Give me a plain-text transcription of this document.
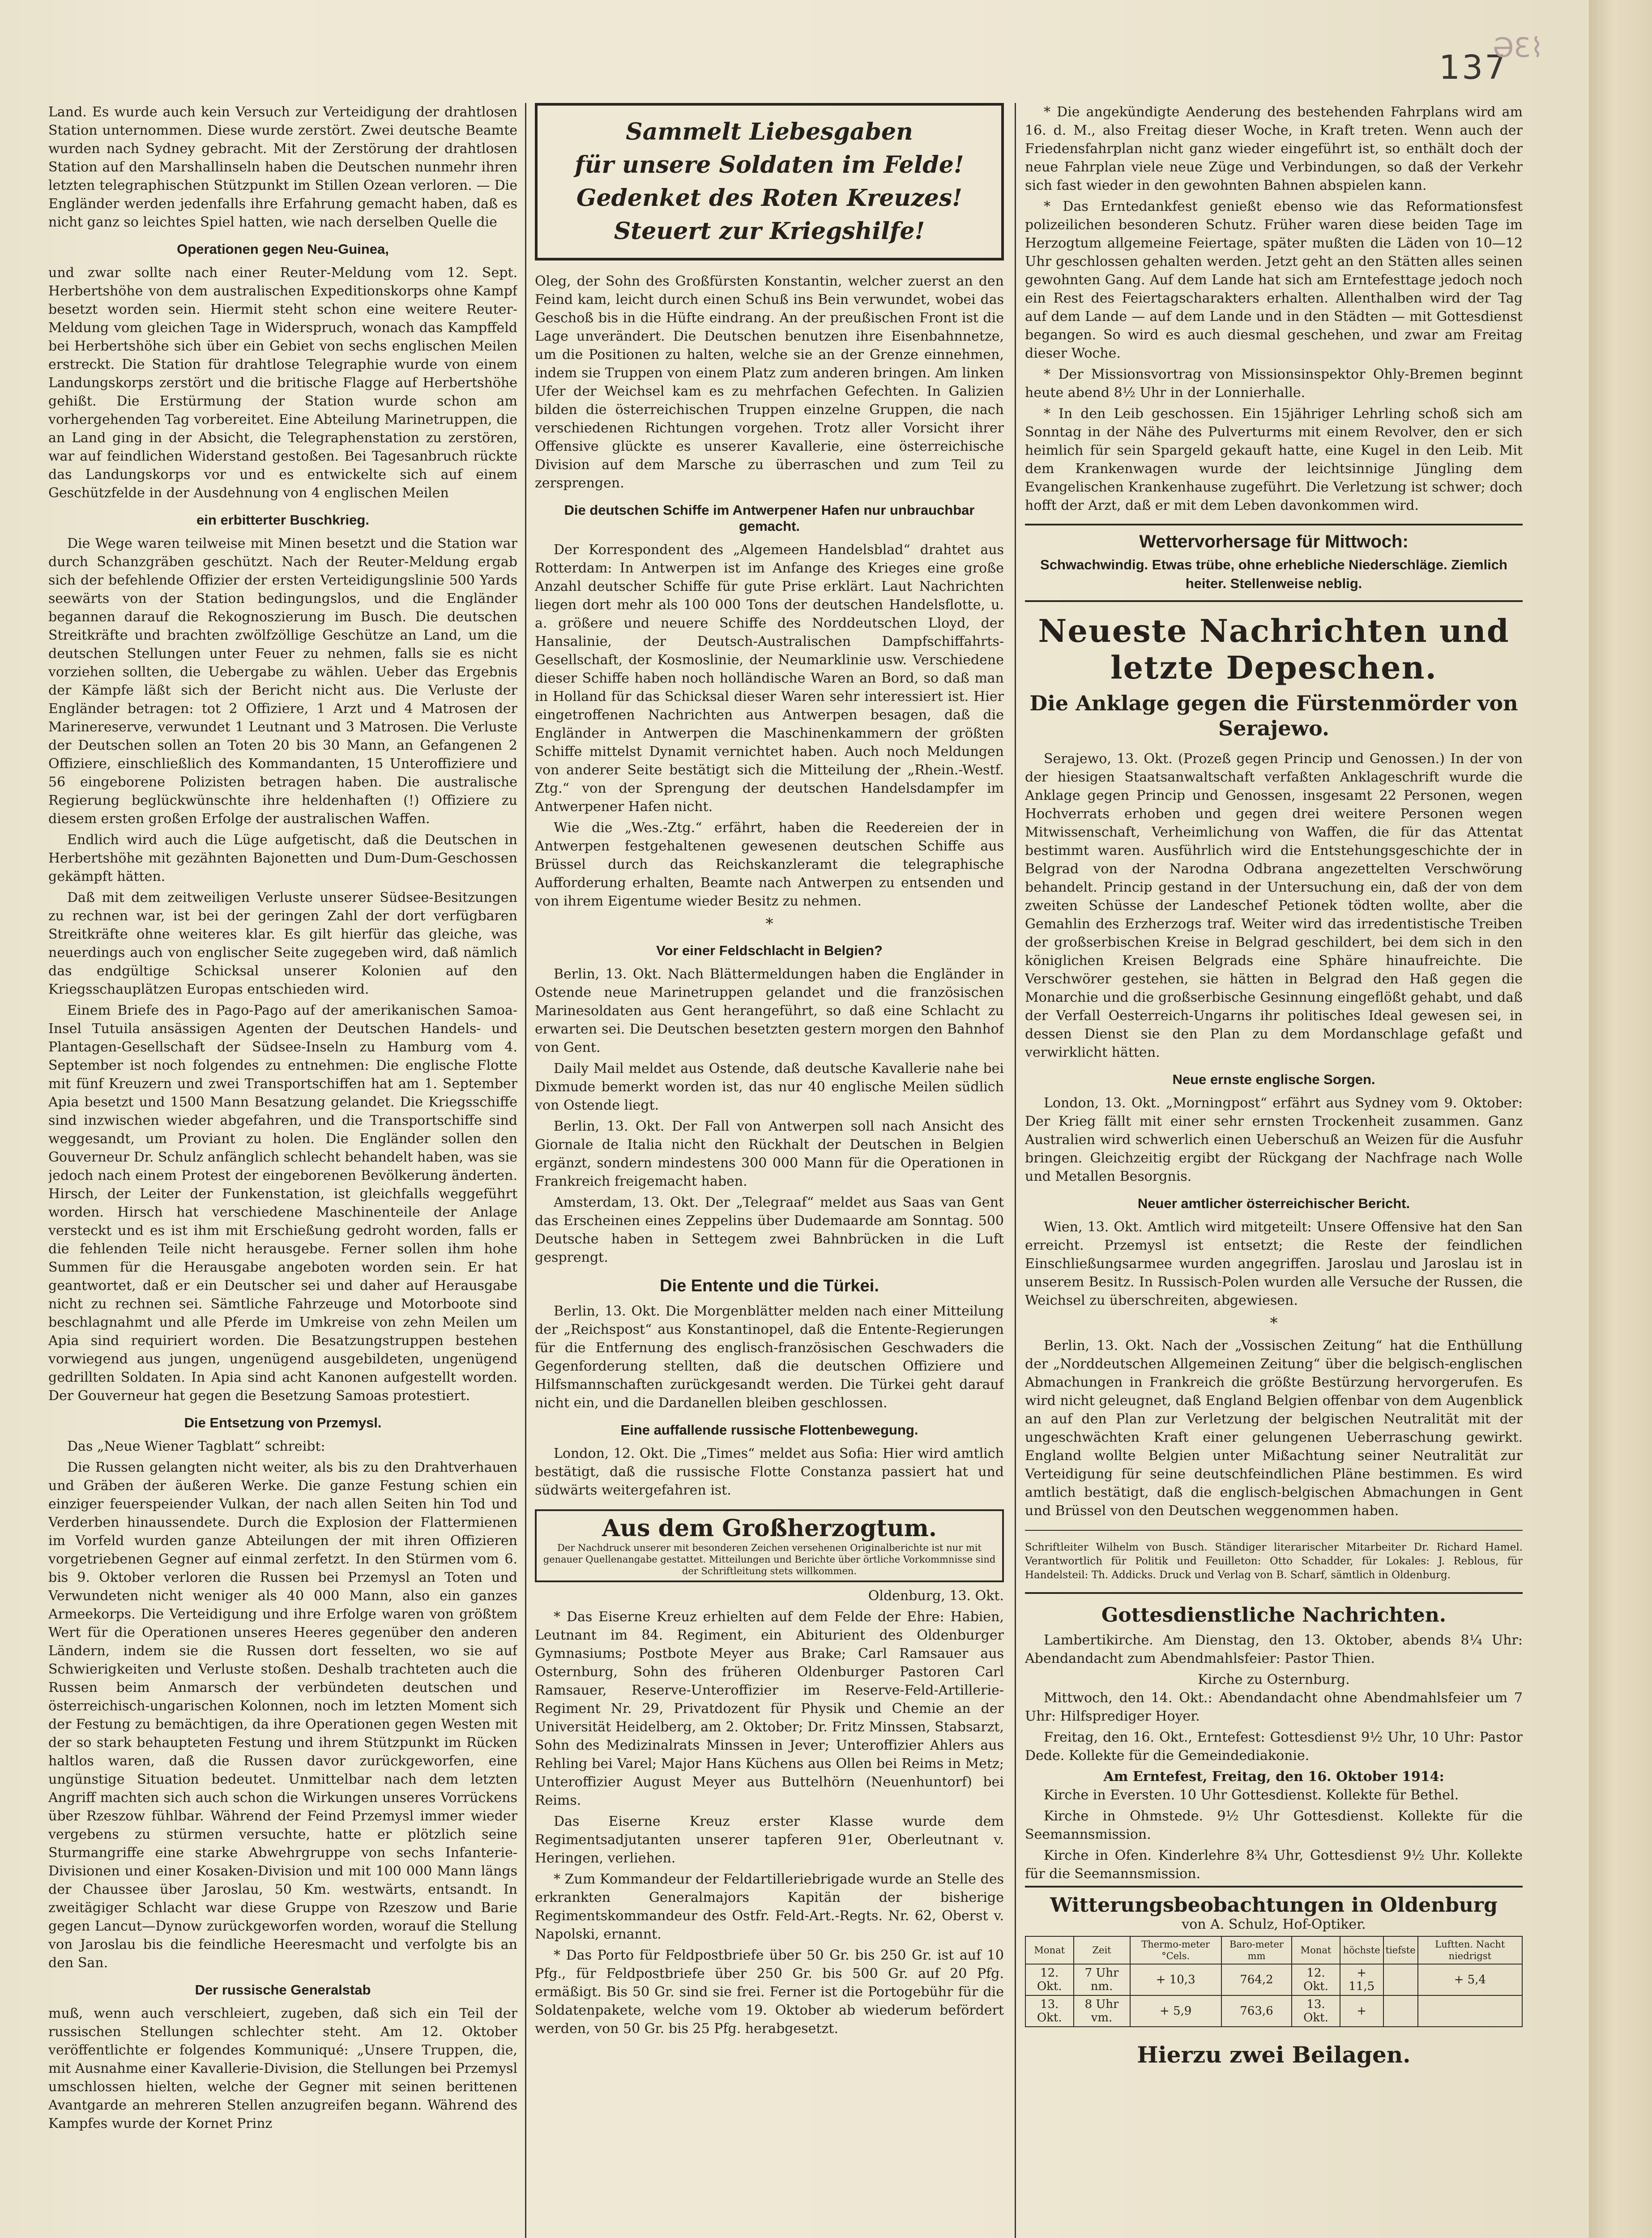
137
ƏƐ⌇

Land. Es wurde auch kein Versuch zur Verteidigung der drahtlosen Station unternommen. Diese wurde zerstört. Zwei deutsche Beamte wurden nach Sydney gebracht. Mit der Zerstörung der drahtlosen Station auf den Marshallinseln haben die Deutschen nunmehr ihren letzten telegraphischen Stützpunkt im Stillen Ozean verloren. — Die Engländer werden jedenfalls ihre Erfahrung gemacht haben, daß es nicht ganz so leichtes Spiel hatten, wie nach derselben Quelle die

Operationen gegen Neu-Guinea,

und zwar sollte nach einer Reuter-Meldung vom 12. Sept. Herbertshöhe von dem australischen Expeditionskorps ohne Kampf besetzt worden sein. Hiermit steht schon eine weitere Reuter-Meldung vom gleichen Tage in Widerspruch, wonach das Kampffeld bei Herbertshöhe sich über ein Gebiet von sechs englischen Meilen erstreckt. Die Station für drahtlose Telegraphie wurde von einem Landungskorps zerstört und die britische Flagge auf Herbertshöhe gehißt. Die Erstürmung der Station wurde schon am vorhergehenden Tag vorbereitet. Eine Abteilung Marinetruppen, die an Land ging in der Absicht, die Telegraphenstation zu zerstören, war auf feindlichen Widerstand gestoßen. Bei Tagesanbruch rückte das Landungskorps vor und es entwickelte sich auf einem Geschützfelde in der Ausdehnung von 4 englischen Meilen

ein erbitterter Buschkrieg.

Die Wege waren teilweise mit Minen besetzt und die Station war durch Schanzgräben geschützt. Nach der Reuter-Meldung ergab sich der befehlende Offizier der ersten Verteidigungslinie 500 Yards seewärts von der Station bedingungslos, und die Engländer begannen darauf die Rekognoszierung im Busch. Die deutschen Streitkräfte und brachten zwölfzöllige Geschütze an Land, um die deutschen Stellungen unter Feuer zu nehmen, falls sie es nicht vorziehen sollten, die Uebergabe zu wählen. Ueber das Ergebnis der Kämpfe läßt sich der Bericht nicht aus. Die Verluste der Engländer betragen: tot 2 Offiziere, 1 Arzt und 4 Matrosen der Marinereserve, verwundet 1 Leutnant und 3 Matrosen. Die Verluste der Deutschen sollen an Toten 20 bis 30 Mann, an Gefangenen 2 Offiziere, einschließlich des Kommandanten, 15 Unteroffiziere und 56 eingeborene Polizisten betragen haben. Die australische Regierung beglückwünschte ihre heldenhaften (!) Offiziere zu diesem ersten großen Erfolge der australischen Waffen.

Endlich wird auch die Lüge aufgetischt, daß die Deutschen in Herbertshöhe mit gezähnten Bajonetten und Dum-Dum-Geschossen gekämpft hätten.

Daß mit dem zeitweiligen Verluste unserer Südsee-Besitzungen zu rechnen war, ist bei der geringen Zahl der dort verfügbaren Streitkräfte ohne weiteres klar. Es gilt hierfür das gleiche, was neuerdings auch von englischer Seite zugegeben wird, daß nämlich das endgültige Schicksal unserer Kolonien auf den Kriegsschauplätzen Europas entschieden wird.

Einem Briefe des in Pago-Pago auf der amerikanischen Samoa-Insel Tutuila ansässigen Agenten der Deutschen Handels- und Plantagen-Gesellschaft der Südsee-Inseln zu Hamburg vom 4. September ist noch folgendes zu entnehmen: Die englische Flotte mit fünf Kreuzern und zwei Transportschiffen hat am 1. September Apia besetzt und 1500 Mann Besatzung gelandet. Die Kriegsschiffe sind inzwischen wieder abgefahren, und die Transportschiffe sind weggesandt, um Proviant zu holen. Die Engländer sollen den Gouverneur Dr. Schulz anfänglich schlecht behandelt haben, was sie jedoch nach einem Protest der eingeborenen Bevölkerung änderten. Hirsch, der Leiter der Funkenstation, ist gleichfalls weggeführt worden. Hirsch hat verschiedene Maschinenteile der Anlage versteckt und es ist ihm mit Erschießung gedroht worden, falls er die fehlenden Teile nicht herausgebe. Ferner sollen ihm hohe Summen für die Herausgabe angeboten worden sein. Er hat geantwortet, daß er ein Deutscher sei und daher auf Herausgabe nicht zu rechnen sei. Sämtliche Fahrzeuge und Motorboote sind beschlagnahmt und alle Pferde im Umkreise von zehn Meilen um Apia sind requiriert worden. Die Besatzungstruppen bestehen vorwiegend aus jungen, ungenügend ausgebildeten, ungenügend gedrillten Soldaten. In Apia sind acht Kanonen aufgestellt worden. Der Gouverneur hat gegen die Besetzung Samoas protestiert.

Die Entsetzung von Przemysl.

Das „Neue Wiener Tagblatt“ schreibt:

Die Russen gelangten nicht weiter, als bis zu den Drahtverhauen und Gräben der äußeren Werke. Die ganze Festung schien ein einziger feuerspeiender Vulkan, der nach allen Seiten hin Tod und Verderben hinaussendete. Durch die Explosion der Flattermienen im Vorfeld wurden ganze Abteilungen der mit ihren Offizieren vorgetriebenen Gegner auf einmal zerfetzt. In den Stürmen vom 6. bis 9. Oktober verloren die Russen bei Przemysl an Toten und Verwundeten nicht weniger als 40 000 Mann, also ein ganzes Armeekorps. Die Verteidigung und ihre Erfolge waren von größtem Wert für die Operationen unseres Heeres gegenüber den anderen Ländern, indem sie die Russen dort fesselten, wo sie auf Schwierigkeiten und Verluste stoßen. Deshalb trachteten auch die Russen beim Anmarsch der verbündeten deutschen und österreichisch-ungarischen Kolonnen, noch im letzten Moment sich der Festung zu bemächtigen, da ihre Operationen gegen Westen mit der so stark behaupteten Festung und ihrem Stützpunkt im Rücken haltlos waren, daß die Russen davor zurückgeworfen, eine ungünstige Situation bedeutet. Unmittelbar nach dem letzten Angriff machten sich auch schon die Wirkungen unseres Vorrückens über Rzeszow fühlbar. Während der Feind Przemysl immer wieder vergebens zu stürmen versuchte, hatte er plötzlich seine Sturmangriffe eine starke Abwehrgruppe von sechs Infanterie-Divisionen und einer Kosaken-Division und mit 100 000 Mann längs der Chaussee über Jaroslau, 50 Km. westwärts, entsandt. In zweitägiger Schlacht war diese Gruppe von Rzeszow und Barie gegen Lancut—Dynow zurückgeworfen worden, worauf die Stellung von Jaroslau bis die feindliche Heeresmacht und verfolgte bis an den San.

Der russische Generalstab

muß, wenn auch verschleiert, zugeben, daß sich ein Teil der russischen Stellungen schlechter steht. Am 12. Oktober veröffentlichte er folgendes Kommuniqué: „Unsere Truppen, die, mit Ausnahme einer Kavallerie-Division, die Stellungen bei Przemysl umschlossen hielten, welche der Gegner mit seinen berittenen Avantgarde an mehreren Stellen anzugreifen begann. Während des Kampfes wurde der Kornet Prinz

Sammelt Liebesgaben
für unsere Soldaten im Felde!
Gedenket des Roten Kreuzes!
Steuert zur Kriegshilfe!

Oleg, der Sohn des Großfürsten Konstantin, welcher zuerst an den Feind kam, leicht durch einen Schuß ins Bein verwundet, wobei das Geschoß bis in die Hüfte eindrang. An der preußischen Front ist die Lage unverändert. Die Deutschen benutzen ihre Eisenbahnnetze, um die Positionen zu halten, welche sie an der Grenze einnehmen, indem sie Truppen von einem Platz zum anderen bringen. Am linken Ufer der Weichsel kam es zu mehrfachen Gefechten. In Galizien bilden die österreichischen Truppen einzelne Gruppen, die nach verschiedenen Richtungen vorgehen. Trotz aller Vorsicht ihrer Offensive glückte es unserer Kavallerie, eine österreichische Division auf dem Marsche zu überraschen und zum Teil zu zersprengen.

Die deutschen Schiffe im Antwerpener Hafen nur unbrauchbar gemacht.

Der Korrespondent des „Algemeen Handelsblad“ drahtet aus Rotterdam: In Antwerpen ist im Anfange des Krieges eine große Anzahl deutscher Schiffe für gute Prise erklärt. Laut Nachrichten liegen dort mehr als 100 000 Tons der deutschen Handelsflotte, u. a. größere und neuere Schiffe des Norddeutschen Lloyd, der Hansalinie, der Deutsch-Australischen Dampfschiffahrts-Gesellschaft, der Kosmoslinie, der Neumarklinie usw. Verschiedene dieser Schiffe haben noch holländische Waren an Bord, so daß man in Holland für das Schicksal dieser Waren sehr interessiert ist. Hier eingetroffenen Nachrichten aus Antwerpen besagen, daß die Engländer in Antwerpen die Maschinenkammern der größten Schiffe mittelst Dynamit vernichtet haben. Auch noch Meldungen von anderer Seite bestätigt sich die Mitteilung der „Rhein.-Westf. Ztg.“ von der Sprengung der deutschen Handelsdampfer im Antwerpener Hafen nicht.

Wie die „Wes.-Ztg.“ erfährt, haben die Reedereien der in Antwerpen festgehaltenen gewesenen deutschen Schiffe aus Brüssel durch das Reichskanzleramt die telegraphische Aufforderung erhalten, Beamte nach Antwerpen zu entsenden und von ihrem Eigentume wieder Besitz zu nehmen.

*
Vor einer Feldschlacht in Belgien?

Berlin, 13. Okt. Nach Blättermeldungen haben die Engländer in Ostende neue Marinetruppen gelandet und die französischen Marinesoldaten aus Gent herangeführt, so daß eine Schlacht zu erwarten sei. Die Deutschen besetzten gestern morgen den Bahnhof von Gent.

Daily Mail meldet aus Ostende, daß deutsche Kavallerie nahe bei Dixmude bemerkt worden ist, das nur 40 englische Meilen südlich von Ostende liegt.

Berlin, 13. Okt. Der Fall von Antwerpen soll nach Ansicht des Giornale de Italia nicht den Rückhalt der Deutschen in Belgien ergänzt, sondern mindestens 300 000 Mann für die Operationen in Frankreich freigemacht haben.

Amsterdam, 13. Okt. Der „Telegraaf“ meldet aus Saas van Gent das Erscheinen eines Zeppelins über Dudemaarde am Sonntag. 500 Deutsche haben in Settegem zwei Bahnbrücken in die Luft gesprengt.

Die Entente und die Türkei.

Berlin, 13. Okt. Die Morgenblätter melden nach einer Mitteilung der „Reichspost“ aus Konstantinopel, daß die Entente-Regierungen für die Entfernung des englisch-französischen Geschwaders die Gegenforderung stellten, daß die deutschen Offiziere und Hilfsmannschaften zurückgesandt werden. Die Türkei geht darauf nicht ein, und die Dardanellen bleiben geschlossen.

Eine auffallende russische Flottenbewegung.

London, 12. Okt. Die „Times“ meldet aus Sofia: Hier wird amtlich bestätigt, daß die russische Flotte Constanza passiert hat und südwärts weitergefahren ist.

Aus dem Großherzogtum.
Der Nachdruck unserer mit besonderen Zeichen versehenen Originalberichte ist nur mit genauer Quellenangabe gestattet. Mitteilungen und Berichte über örtliche Vorkommnisse sind der Schriftleitung stets willkommen.

Oldenburg, 13. Okt.

* Das Eiserne Kreuz erhielten auf dem Felde der Ehre: Habien, Leutnant im 84. Regiment, ein Abiturient des Oldenburger Gymnasiums; Postbote Meyer aus Brake; Carl Ramsauer aus Osternburg, Sohn des früheren Oldenburger Pastoren Carl Ramsauer, Reserve-Unteroffizier im Reserve-Feld-Artillerie-Regiment Nr. 29, Privatdozent für Physik und Chemie an der Universität Heidelberg, am 2. Oktober; Dr. Fritz Minssen, Stabsarzt, Sohn des Medizinalrats Minssen in Jever; Unteroffizier Ahlers aus Rehling bei Varel; Major Hans Küchens aus Ollen bei Reims in Metz; Unteroffizier August Meyer aus Buttelhörn (Neuenhuntorf) bei Reims.

Das Eiserne Kreuz erster Klasse wurde dem Regimentsadjutanten unserer tapferen 91er, Oberleutnant v. Heringen, verliehen.

* Zum Kommandeur der Feldartilleriebrigade wurde an Stelle des erkrankten Generalmajors Kapitän der bisherige Regimentskommandeur des Ostfr. Feld-Art.-Regts. Nr. 62, Oberst v. Napolski, ernannt.

* Das Porto für Feldpostbriefe über 50 Gr. bis 250 Gr. ist auf 10 Pfg., für Feldpostbriefe über 250 Gr. bis 500 Gr. auf 20 Pfg. ermäßigt. Bis 50 Gr. sind sie frei. Ferner ist die Portogebühr für die Soldatenpakete, welche vom 19. Oktober ab wiederum befördert werden, von 50 Gr. bis 25 Pfg. herabgesetzt.

* Die angekündigte Aenderung des bestehenden Fahrplans wird am 16. d. M., also Freitag dieser Woche, in Kraft treten. Wenn auch der Friedensfahrplan nicht ganz wieder eingeführt ist, so enthält doch der neue Fahrplan viele neue Züge und Verbindungen, so daß der Verkehr sich fast wieder in den gewohnten Bahnen abspielen kann.

* Das Erntedankfest genießt ebenso wie das Reformationsfest polizeilichen besonderen Schutz. Früher waren diese beiden Tage im Herzogtum allgemeine Feiertage, später mußten die Läden von 10—12 Uhr geschlossen gehalten werden. Jetzt geht an den Stätten alles seinen gewohnten Gang. Auf dem Lande hat sich am Erntefesttage jedoch noch ein Rest des Feiertagscharakters erhalten. Allenthalben wird der Tag auf dem Lande — auf dem Lande und in den Städten — mit Gottesdienst begangen. So wird es auch diesmal geschehen, und zwar am Freitag dieser Woche.

* Der Missionsvortrag von Missionsinspektor Ohly-Bremen beginnt heute abend 8½ Uhr in der Lonnierhalle.

* In den Leib geschossen. Ein 15jähriger Lehrling schoß sich am Sonntag in der Nähe des Pulverturms mit einem Revolver, den er sich heimlich für sein Spargeld gekauft hatte, eine Kugel in den Leib. Mit dem Krankenwagen wurde der leichtsinnige Jüngling dem Evangelischen Krankenhause zugeführt. Die Verletzung ist schwer; doch hofft der Arzt, daß er mit dem Leben davonkommen wird.

Wettervorhersage für Mittwoch:
Schwachwindig. Etwas trübe, ohne erhebliche Niederschläge. Ziemlich heiter. Stellenweise neblig.
Neueste Nachrichten und letzte Depeschen.
Die Anklage gegen die Fürstenmörder von Serajewo.

Serajewo, 13. Okt. (Prozeß gegen Princip und Genossen.) In der von der hiesigen Staatsanwaltschaft verfaßten Anklageschrift wurde die Anklage gegen Princip und Genossen, insgesamt 22 Personen, wegen Hochverrats erhoben und gegen drei weitere Personen wegen Mitwissenschaft, Verheimlichung von Waffen, die für das Attentat bestimmt waren. Ausführlich wird die Entstehungsgeschichte der in Belgrad von der Narodna Odbrana angezettelten Verschwörung behandelt. Princip gestand in der Untersuchung ein, daß der von dem zweiten Schüsse der Landeschef Petionek tödten wollte, aber die Gemahlin des Erzherzogs traf. Weiter wird das irredentistische Treiben der großserbischen Kreise in Belgrad geschildert, bei dem sich in den königlichen Kreisen Belgrads eine Sphäre hinaufreichte. Die Verschwörer gestehen, sie hätten in Belgrad den Haß gegen die Monarchie und die großserbische Gesinnung eingeflößt gehabt, und daß der Verfall Oesterreich-Ungarns ihr politisches Ideal gewesen sei, in dessen Dienst sie den Plan zu dem Mordanschlage gefaßt und verwirklicht hätten.

Neue ernste englische Sorgen.

London, 13. Okt. „Morningpost“ erfährt aus Sydney vom 9. Oktober: Der Krieg fällt mit einer sehr ernsten Trockenheit zusammen. Ganz Australien wird schwerlich einen Ueberschuß an Weizen für die Ausfuhr bringen. Gleichzeitig ergibt der Rückgang der Nachfrage nach Wolle und Metallen Besorgnis.

Neuer amtlicher österreichischer Bericht.

Wien, 13. Okt. Amtlich wird mitgeteilt: Unsere Offensive hat den San erreicht. Przemysl ist entsetzt; die Reste der feindlichen Einschließungsarmee wurden angegriffen. Jaroslau und Jaroslau ist in unserem Besitz. In Russisch-Polen wurden alle Versuche der Russen, die Weichsel zu überschreiten, abgewiesen.

*

Berlin, 13. Okt. Nach der „Vossischen Zeitung“ hat die Enthüllung der „Norddeutschen Allgemeinen Zeitung“ über die belgisch-englischen Abmachungen in Frankreich die größte Bestürzung hervorgerufen. Es wird nicht geleugnet, daß England Belgien offenbar von dem Augenblick an auf den Plan zur Verletzung der belgischen Neutralität mit der ungeschwächten Kraft einer gelungenen Ueberraschung gewirkt. England wollte Belgien unter Mißachtung seiner Neutralität zur Verteidigung für seine deutschfeindlichen Pläne bestimmen. Es wird amtlich bestätigt, daß die englisch-belgischen Abmachungen in Gent und Brüssel von den Deutschen weggenommen haben.

Schriftleiter Wilhelm von Busch. Ständiger literarischer Mitarbeiter Dr. Richard Hamel. Verantwortlich für Politik und Feuilleton: Otto Schadder, für Lokales: J. Reblous, für Handelsteil: Th. Addicks. Druck und Verlag von B. Scharf, sämtlich in Oldenburg.
Gottesdienstliche Nachrichten.

Lambertikirche. Am Dienstag, den 13. Oktober, abends 8¼ Uhr: Abendandacht zum Abendmahlsfeier: Pastor Thien.

Kirche zu Osternburg.

Mittwoch, den 14. Okt.: Abendandacht ohne Abendmahlsfeier um 7 Uhr: Hilfsprediger Hoyer.

Freitag, den 16. Okt., Erntefest: Gottesdienst 9½ Uhr, 10 Uhr: Pastor Dede. Kollekte für die Gemeindediakonie.

Am Erntefest, Freitag, den 16. Oktober 1914:

Kirche in Eversten. 10 Uhr Gottesdienst. Kollekte für Bethel.

Kirche in Ohmstede. 9½ Uhr Gottesdienst. Kollekte für die Seemannsmission.

Kirche in Ofen. Kinderlehre 8¾ Uhr, Gottesdienst 9½ Uhr. Kollekte für die Seemannsmission.

Witterungsbeobachtungen in Oldenburg
von A. Schulz, Hof-Optiker.
Monat	Zeit	Thermo-meter °Cels.	Baro-meter mm	Monat	höchste	tiefste	Luftten. Nacht niedrigst
12. Okt.	7 Uhr nm.	+ 10,3	764,2	12. Okt.	+ 11,5		+ 5,4
13. Okt.	8 Uhr vm.	+ 5,9	763,6	13. Okt.	+		
Hierzu zwei Beilagen.
